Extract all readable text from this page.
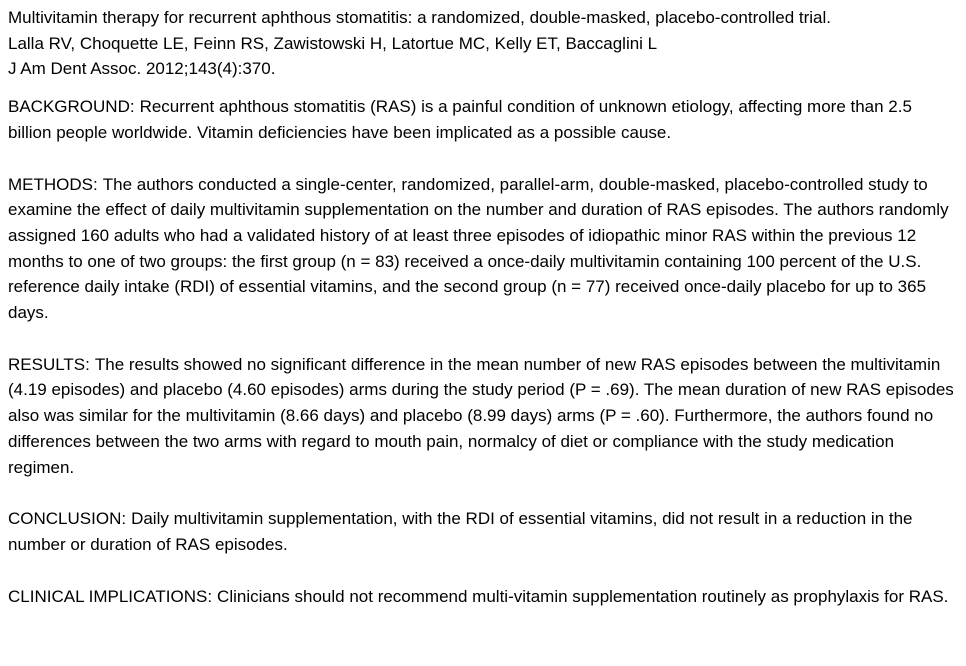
Multivitamin therapy for recurrent aphthous stomatitis: a randomized, double-masked, placebo-controlled trial.

Lalla RV, Choquette LE, Feinn RS, Zawistowski H, Latortue MC, Kelly ET, Baccaglini L

J Am Dent Assoc. 2012;143(4):370.

BACKGROUND: Recurrent aphthous stomatitis (RAS) is a painful condition of unknown etiology, affecting more than 2.5 billion people worldwide. Vitamin deficiencies have been implicated as a possible cause.

METHODS: The authors conducted a single-center, randomized, parallel-arm, double-masked, placebo-controlled study to examine the effect of daily multivitamin supplementation on the number and duration of RAS episodes. The authors randomly assigned 160 adults who had a validated history of at least three episodes of idiopathic minor RAS within the previous 12 months to one of two groups: the first group (n = 83) received a once-daily multivitamin containing 100 percent of the U.S. reference daily intake (RDI) of essential vitamins, and the second group (n = 77) received once-daily placebo for up to 365 days.

RESULTS: The results showed no significant difference in the mean number of new RAS episodes between the multivitamin (4.19 episodes) and placebo (4.60 episodes) arms during the study period (P = .69). The mean duration of new RAS episodes also was similar for the multivitamin (8.66 days) and placebo (8.99 days) arms (P = .60). Furthermore, the authors found no differences between the two arms with regard to mouth pain, normalcy of diet or compliance with the study medication regimen.

CONCLUSION: Daily multivitamin supplementation, with the RDI of essential vitamins, did not result in a reduction in the number or duration of RAS episodes.

CLINICAL IMPLICATIONS: Clinicians should not recommend multi-vitamin supplementation routinely as prophylaxis for RAS.
